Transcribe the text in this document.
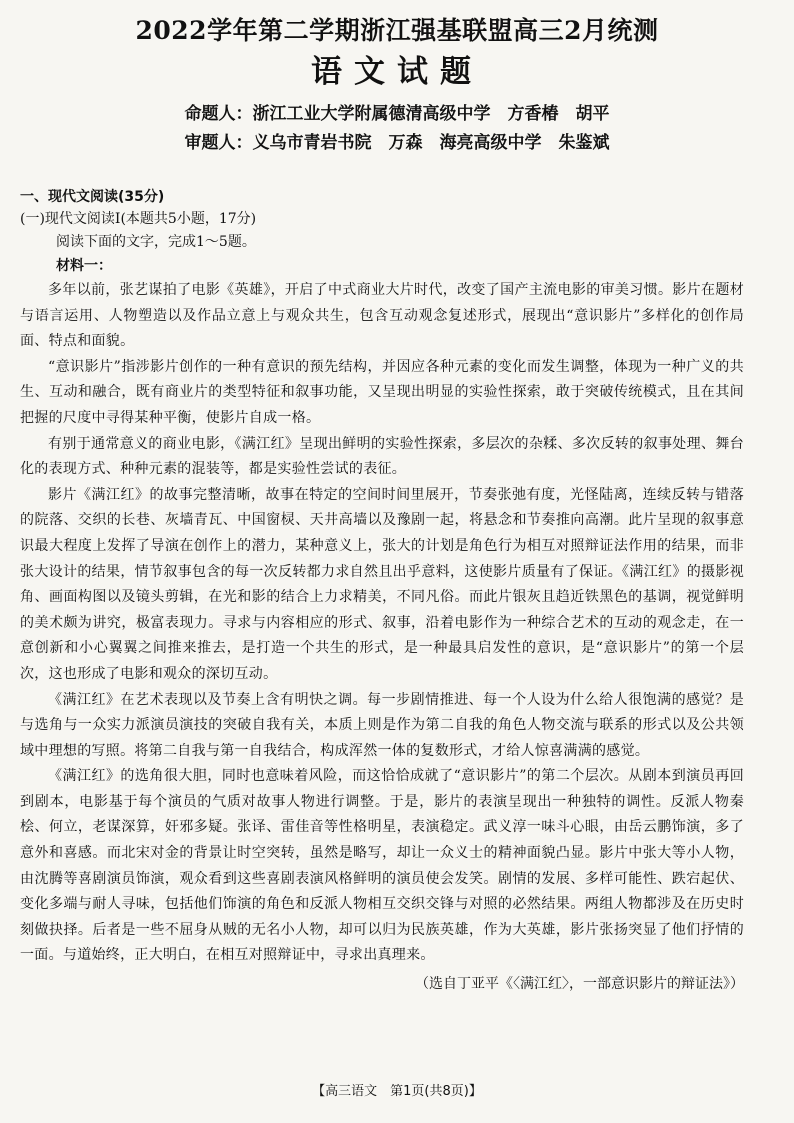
2022学年第二学期浙江强基联盟高三2月统测
语文试题
命题人：浙江工业大学附属德清高级中学　方香椿　胡平
审题人：义乌市青岩书院　万森　海亮高级中学　朱鉴斌
一、现代文阅读(35分)
(一)现代文阅读Ⅰ(本题共5小题，17分)
阅读下面的文字，完成1～5题。
材料一：

多年以前，张艺谋拍了电影《英雄》，开启了中式商业大片时代，改变了国产主流电影的审美习惯。影片在题材与语言运用、人物塑造以及作品立意上与观众共生，包含互动观念复述形式，展现出“意识影片”多样化的创作局面、特点和面貌。

“意识影片”指涉影片创作的一种有意识的预先结构，并因应各种元素的变化而发生调整，体现为一种广义的共生、互动和融合，既有商业片的类型特征和叙事功能，又呈现出明显的实验性探索，敢于突破传统模式，且在其间把握的尺度中寻得某种平衡，使影片自成一格。

有别于通常意义的商业电影，《满江红》呈现出鲜明的实验性探索，多层次的杂糅、多次反转的叙事处理、舞台化的表现方式、种种元素的混装等，都是实验性尝试的表征。

影片《满江红》的故事完整清晰，故事在特定的空间时间里展开，节奏张弛有度，光怪陆离，连续反转与错落的院落、交织的长巷、灰墙青瓦、中国窗棂、天井高墙以及豫剧一起，将悬念和节奏推向高潮。此片呈现的叙事意识最大程度上发挥了导演在创作上的潜力，某种意义上，张大的计划是角色行为相互对照辩证法作用的结果，而非张大设计的结果，情节叙事包含的每一次反转都力求自然且出乎意料，这使影片质量有了保证。《满江红》的摄影视角、画面构图以及镜头剪辑，在光和影的结合上力求精美，不同凡俗。而此片银灰且趋近铁黑色的基调，视觉鲜明的美术颇为讲究，极富表现力。寻求与内容相应的形式、叙事，沿着电影作为一种综合艺术的互动的观念走，在一意创新和小心翼翼之间推来推去，是打造一个共生的形式，是一种最具启发性的意识，是“意识影片”的第一个层次，这也形成了电影和观众的深切互动。

《满江红》在艺术表现以及节奏上含有明快之调。每一步剧情推进、每一个人设为什么给人很饱满的感觉？是与选角与一众实力派演员演技的突破自我有关，本质上则是作为第二自我的角色人物交流与联系的形式以及公共领域中理想的写照。将第二自我与第一自我结合，构成浑然一体的复数形式，才给人惊喜满满的感觉。

《满江红》的选角很大胆，同时也意味着风险，而这恰恰成就了“意识影片”的第二个层次。从剧本到演员再回到剧本，电影基于每个演员的气质对故事人物进行调整。于是，影片的表演呈现出一种独特的调性。反派人物秦桧、何立，老谋深算，奸邪多疑。张译、雷佳音等性格明星，表演稳定。武义淳一味斗心眼，由岳云鹏饰演，多了意外和喜感。而北宋对金的背景让时空突转，虽然是略写，却让一众义士的精神面貌凸显。影片中张大等小人物，由沈腾等喜剧演员饰演，观众看到这些喜剧表演风格鲜明的演员使会发笑。剧情的发展、多样可能性、跌宕起伏、变化多端与耐人寻味，包括他们饰演的角色和反派人物相互交织交锋与对照的必然结果。两组人物都涉及在历史时刻做抉择。后者是一些不屈身从贼的无名小人物，却可以归为民族英雄，作为大英雄，影片张扬突显了他们抒情的一面。与道始终，正大明白，在相互对照辩证中，寻求出真理来。

（选自丁亚平《〈满江红〉，一部意识影片的辩证法》）
【高三语文　第1页(共8页)】
